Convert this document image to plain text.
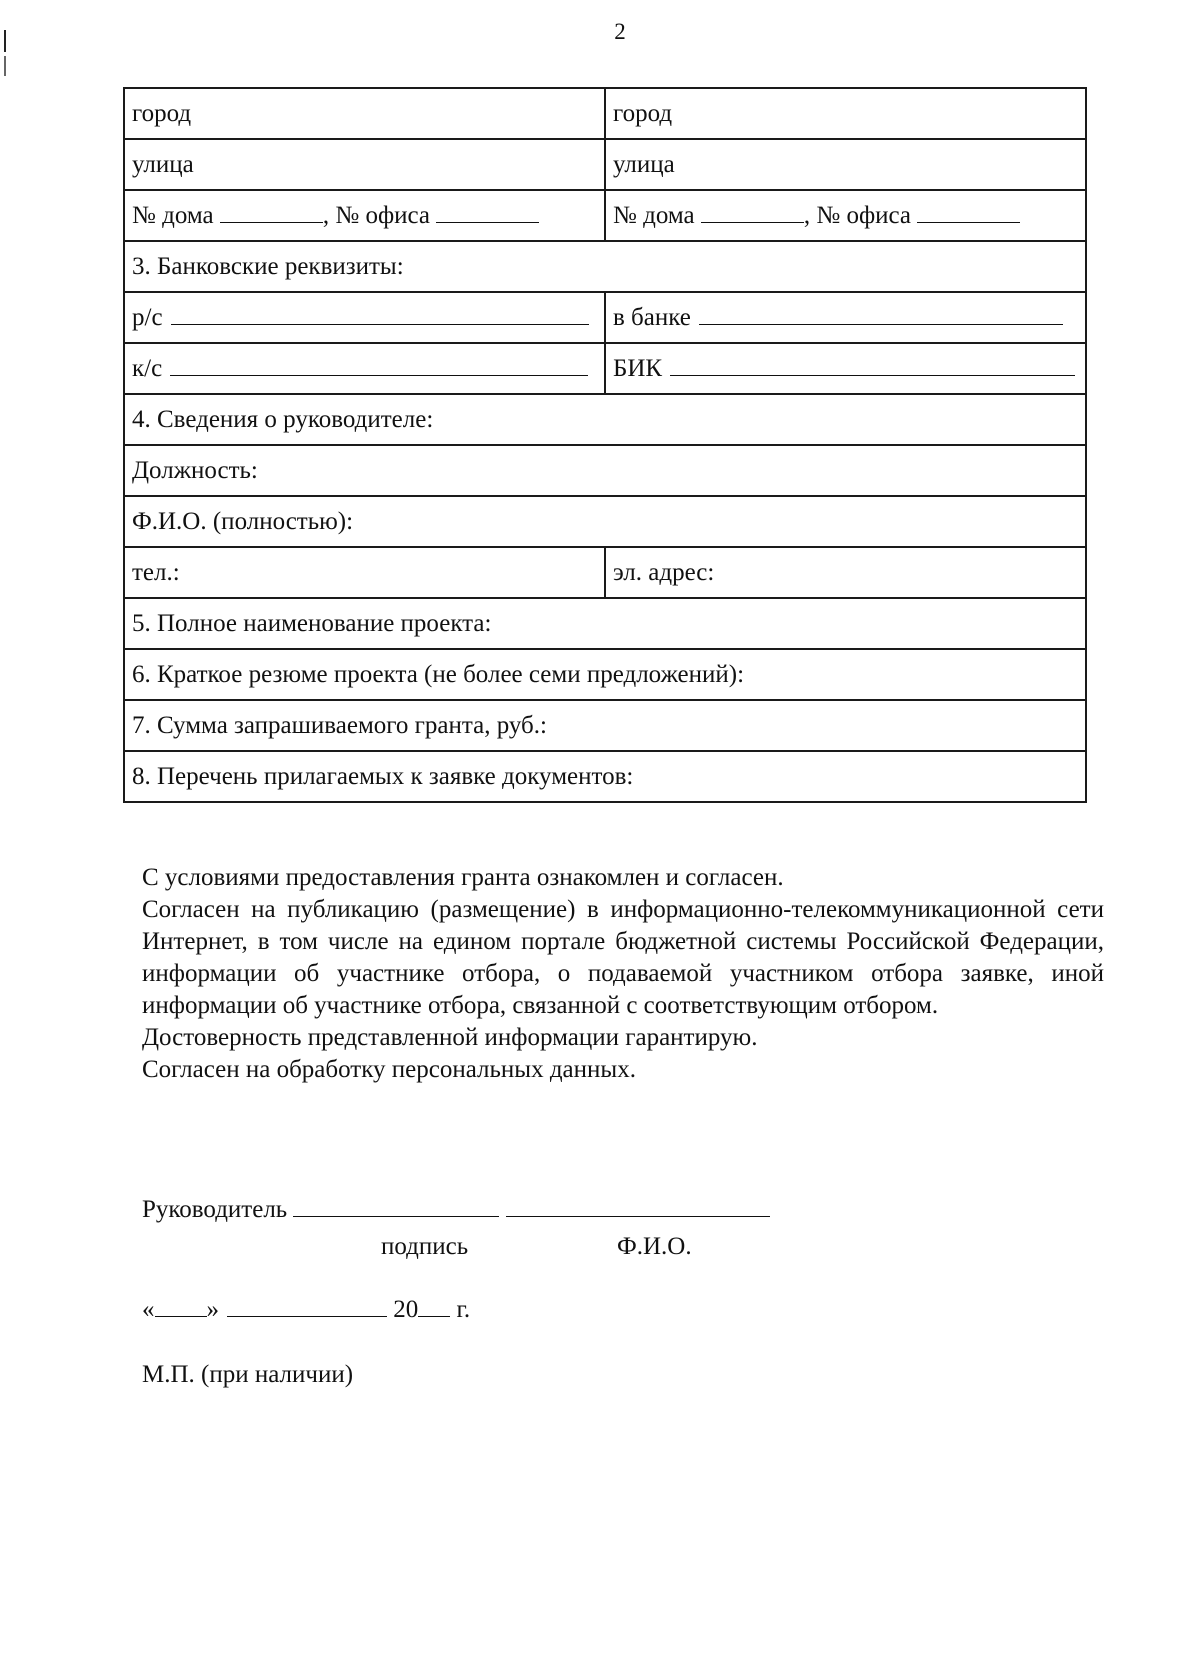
2
город	город
улица	улица
№ дома , № офиса	№ дома , № офиса
3. Банковские реквизиты:	
р/с	в банке
к/с	БИК
4. Сведения о руководителе:	
Должность:	
Ф.И.О. (полностью):	
тел.:	эл. адрес:
5. Полное наименование проекта:	
6. Краткое резюме проекта (не более семи предложений):	
7. Сумма запрашиваемого гранта, руб.:	
8. Перечень прилагаемых к заявке документов:	

С условиями предоставления гранта ознакомлен и согласен.

Согласен на публикацию (размещение) в информационно-телекоммуникационной сети Интернет, в том числе на едином портале бюджетной системы Российской Федерации, информации об участнике отбора, о подаваемой участником отбора заявке, иной информации об участнике отбора, связанной с соответствующим отбором.

Достоверность представленной информации гарантирую.

Согласен на обработку персональных данных.

Руководитель
подпись	Ф.И.О.
« »	20 г.
М.П. (при наличии)
